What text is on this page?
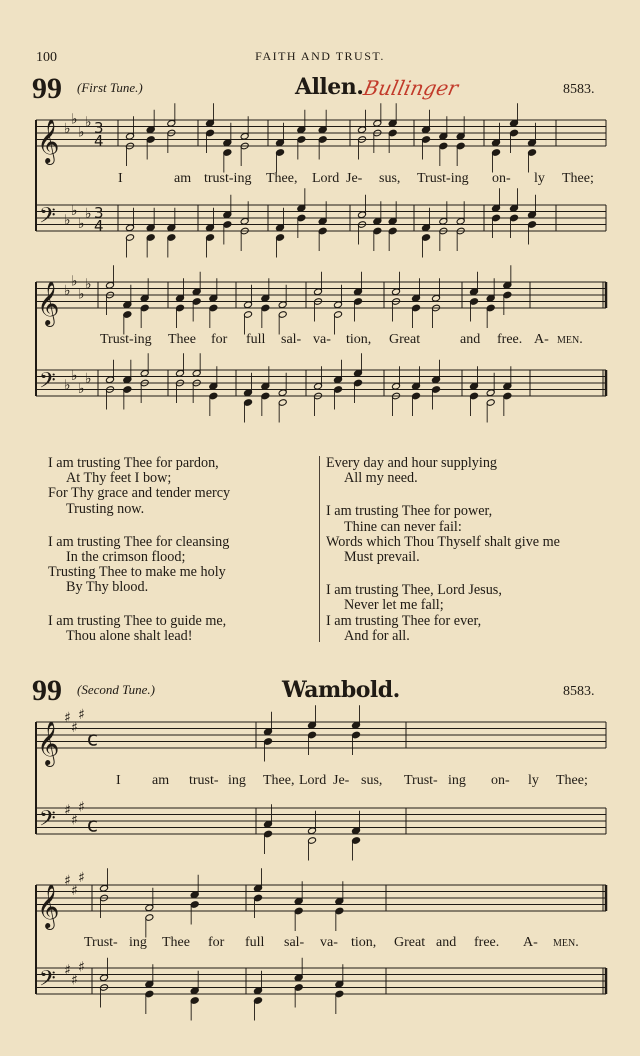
100	FAITH AND TRUST.
99 (First Tune.)	Allen.
Bullinger	8583.
99 (Second Tune.)	Wambold.	8583.
𝄞
𝄢
♭
♭
♭
♭
♭
♭
♭
♭
3
4
3
4
𝄞
𝄢
♭
♭
♭
♭
♭
♭
♭
♭
𝄞
𝄢
♯
♯
♯
♯
♯
♯
c
c
𝄞
𝄢
♯
♯
♯
♯
♯
♯
I	am trust-ing Thee, Lord Je- sus, Trust-ing on- ly Thee;
Trust-ing Thee for full sal- va- tion, Great	and free. A- men.
I am trusting Thee for pardon,
At Thy feet I bow;
For Thy grace and tender mercy
Trusting now.
I am trusting Thee for cleansing
In the crimson flood;
Trusting Thee to make me holy
By Thy blood.
I am trusting Thee to guide me,
Thou alone shalt lead!
Every day and hour supplying
All my need.
I am trusting Thee for power,
Thine can never fail:
Words which Thou Thyself shalt give me
Must prevail.
I am trusting Thee, Lord Jesus,
Never let me fall;
I am trusting Thee for ever,
And for all.
I am trust- ing Thee, Lord Je- sus, Trust- ing on- ly Thee;
Trust- ing Thee for full sal- va- tion, Great and free. A- men.
